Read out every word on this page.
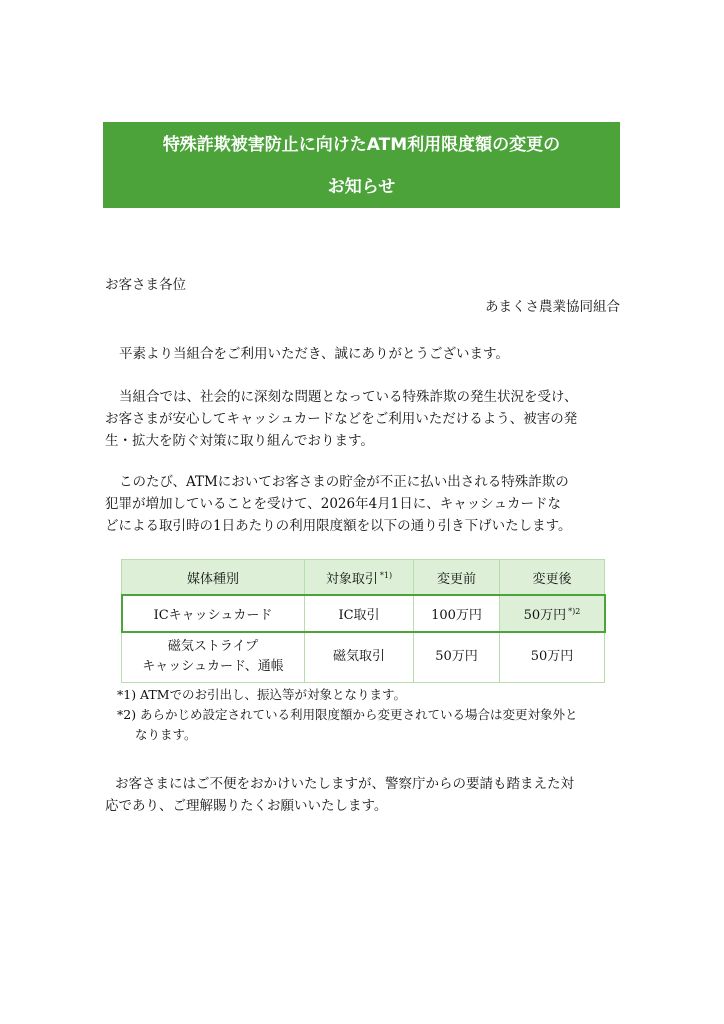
特殊詐欺被害防止に向けたATM利用限度額の変更の
お知らせ
お客さま各位
あまくさ農業協同組合
平素より当組合をご利用いただき、誠にありがとうございます。
当組合では、社会的に深刻な問題となっている特殊詐欺の発生状況を受け、
お客さまが安心してキャッシュカードなどをご利用いただけるよう、被害の発
生・拡大を防ぐ対策に取り組んでおります。
このたび、ATMにおいてお客さまの貯金が不正に払い出される特殊詐欺の
犯罪が増加していることを受けて、2026年4月1日に、キャッシュカードな
どによる取引時の1日あたりの利用限度額を以下の通り引き下げいたします。
媒体種別	対象取引 $^{*1)}$	変更前	変更後
ICキャッシュカード	IC取引	100万円	50万円 $^{*)2}$
磁気ストライプ
キャッシュカード、通帳	磁気取引	50万円	50万円
*1) ATMでのお引出し、振込等が対象となります。
*2) あらかじめ設定されている利用限度額から変更されている場合は変更対象外と
なります。
お客さまにはご不便をおかけいたしますが、警察庁からの要請も踏まえた対
応であり、ご理解賜りたくお願いいたします。
